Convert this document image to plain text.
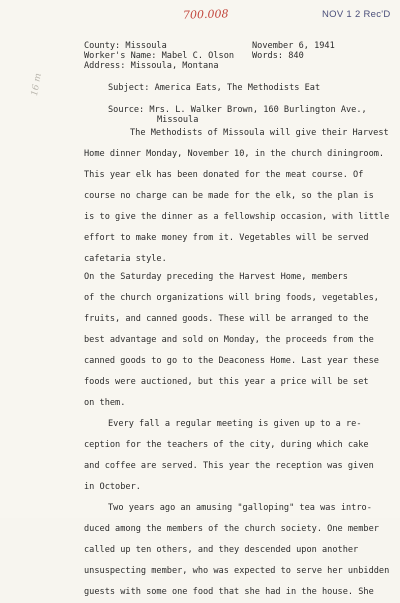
700.008	NOV 1 2 Rec'D
16 m
County: Missoula
Worker's Name: Mabel C. Olson
Address: Missoula, Montana
November 6, 1941
Words: 840
Subject: America Eats, The Methodists Eat
Source: Mrs. L. Walker Brown, 160 Burlington Ave.,
Missoula
The Methodists of Missoula will give their Harvest
Home dinner Monday, November 10, in the church diningroom.
This year elk has been donated for the meat course. Of
course no charge can be made for the elk, so the plan is
is to give the dinner as a fellowship occasion, with little
effort to make money from it. Vegetables will be served
cafetaria style.
On the Saturday preceding the Harvest Home, members
of the church organizations will bring foods, vegetables,
fruits, and canned goods. These will be arranged to the
best advantage and sold on Monday, the proceeds from the
canned goods to go to the Deaconess Home. Last year these
foods were auctioned, but this year a price will be set
on them.
Every fall a regular meeting is given up to a re-
ception for the teachers of the city, during which cake
and coffee are served. This year the reception was given
in October.
Two years ago an amusing "galloping" tea was intro-
duced among the members of the church society. One member
called up ten others, and they descended upon another
unsuspecting member, who was expected to serve her unbidden
guests with some one food that she had in the house. She
